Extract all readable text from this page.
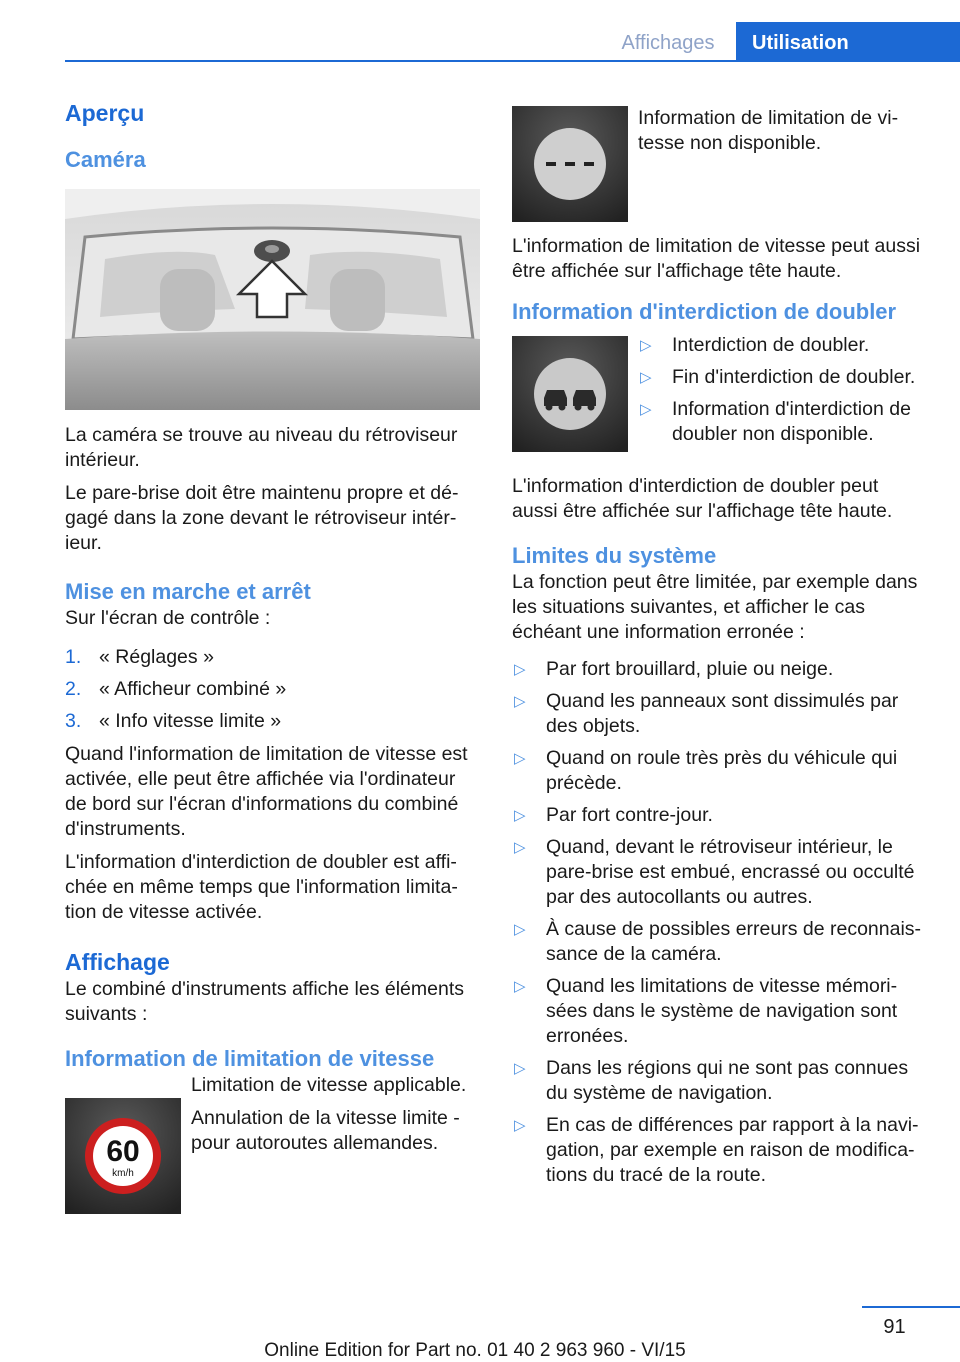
Affichages	Utilisation
Aperçu
Caméra

La caméra se trouve au niveau du rétroviseur intérieur.

Le pare-brise doit être maintenu propre et dégagé dans la zone devant le rétroviseur intérieur.

Mise en marche et arrêt

Sur l'écran de contrôle :

1. « Réglages »
2. « Afficheur combiné »
3. « Info vitesse limite »

Quand l'information de limitation de vitesse est activée, elle peut être affichée via l'ordinateur de bord sur l'écran d'informations du combiné d'instruments.

L'information d'interdiction de doubler est affichée en même temps que l'information limitation de vitesse activée.

Affichage

Le combiné d'instruments affiche les éléments suivants :

Information de limitation de vitesse
60
km/h

Limitation de vitesse applicable.

Annulation de la vitesse limite - pour autoroutes allemandes.

Information de limitation de vitesse non disponible.

L'information de limitation de vitesse peut aussi être affichée sur l'affichage tête haute.

Information d'interdiction de doubler
▷ Interdiction de doubler.
▷ Fin d'interdiction de doubler.
▷ Information d'interdiction de doubler non disponible.

L'information d'interdiction de doubler peut aussi être affichée sur l'affichage tête haute.

Limites du système

La fonction peut être limitée, par exemple dans les situations suivantes, et afficher le cas échéant une information erronée :

▷ Par fort brouillard, pluie ou neige.
▷ Quand les panneaux sont dissimulés par des objets.
▷ Quand on roule très près du véhicule qui précède.
▷ Par fort contre-jour.
▷ Quand, devant le rétroviseur intérieur, le pare-brise est embué, encrassé ou occulté par des autocollants ou autres.
▷ À cause de possibles erreurs de reconnaissance de la caméra.
▷ Quand les limitations de vitesse mémorisées dans le système de navigation sont erronées.
▷ Dans les régions qui ne sont pas connues du système de navigation.
▷ En cas de différences par rapport à la navigation, par exemple en raison de modifications du tracé de la route.
91
Online Edition for Part no. 01 40 2 963 960 - VI/15
